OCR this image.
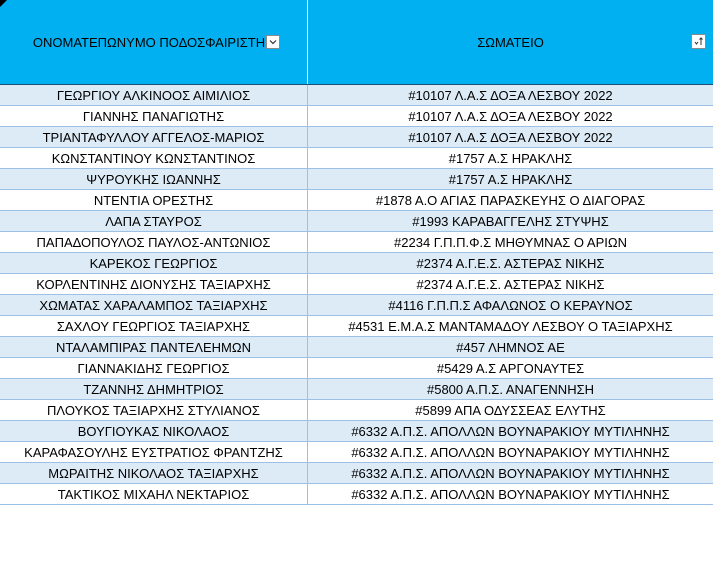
ΟΝΟΜΑΤΕΠΩΝΥΜΟ ΠΟΔΟΣΦΑΙΡΙΣΤΗ	ΣΩΜΑΤΕΙΟ
ΓΕΩΡΓΙΟΥ ΑΛΚΙΝΟΟΣ ΑΙΜΙΛΙΟΣ	#10107 Λ.Α.Σ ΔΟΞΑ ΛΕΣΒΟΥ 2022
ΓΙΑΝΝΗΣ ΠΑΝΑΓΙΩΤΗΣ	#10107 Λ.Α.Σ ΔΟΞΑ ΛΕΣΒΟΥ 2022
ΤΡΙΑΝΤΑΦΥΛΛΟΥ ΑΓΓΕΛΟΣ-ΜΑΡΙΟΣ	#10107 Λ.Α.Σ ΔΟΞΑ ΛΕΣΒΟΥ 2022
ΚΩΝΣΤΑΝΤΙΝΟΥ ΚΩΝΣΤΑΝΤΙΝΟΣ	#1757 Α.Σ ΗΡΑΚΛΗΣ
ΨΥΡΟΥΚΗΣ ΙΩΑΝΝΗΣ	#1757 Α.Σ ΗΡΑΚΛΗΣ
ΝΤΕΝΤΙΑ ΟΡΕΣΤΗΣ	#1878 Α.Ο ΑΓΙΑΣ ΠΑΡΑΣΚΕΥΗΣ Ο ΔΙΑΓΟΡΑΣ
ΛΑΠΑ ΣΤΑΥΡΟΣ	#1993 ΚΑΡΑΒΑΓΓΕΛΗΣ ΣΤΥΨΗΣ
ΠΑΠΑΔΟΠΟΥΛΟΣ ΠΑΥΛΟΣ-ΑΝΤΩΝΙΟΣ	#2234 Γ.Π.Π.Φ.Σ ΜΗΘΥΜΝΑΣ Ο ΑΡΙΩΝ
ΚΑΡΕΚΟΣ ΓΕΩΡΓΙΟΣ	#2374 Α.Γ.Ε.Σ. ΑΣΤΕΡΑΣ ΝΙΚΗΣ
ΚΟΡΛΕΝΤΙΝΗΣ ΔΙΟΝΥΣΗΣ ΤΑΞΙΑΡΧΗΣ	#2374 Α.Γ.Ε.Σ. ΑΣΤΕΡΑΣ ΝΙΚΗΣ
ΧΩΜΑΤΑΣ ΧΑΡΑΛΑΜΠΟΣ ΤΑΞΙΑΡΧΗΣ	#4116 Γ.Π.Π.Σ ΑΦΑΛΩΝΟΣ Ο ΚΕΡΑΥΝΟΣ
ΣΑΧΛΟΥ ΓΕΩΡΓΙΟΣ ΤΑΞΙΑΡΧΗΣ	#4531 Ε.Μ.Α.Σ ΜΑΝΤΑΜΑΔΟΥ ΛΕΣΒΟΥ Ο ΤΑΞΙΑΡΧΗΣ
ΝΤΑΛΑΜΠΙΡΑΣ ΠΑΝΤΕΛΕΗΜΩΝ	#457 ΛΗΜΝΟΣ ΑΕ
ΓΙΑΝΝΑΚΙΔΗΣ ΓΕΩΡΓΙΟΣ	#5429 Α.Σ ΑΡΓΟΝΑΥΤΕΣ
ΤΖΑΝΝΗΣ ΔΗΜΗΤΡΙΟΣ	#5800 Α.Π.Σ. ΑΝΑΓΕΝΝΗΣΗ
ΠΛΟΥΚΟΣ ΤΑΞΙΑΡΧΗΣ ΣΤΥΛΙΑΝΟΣ	#5899 ΑΠΑ ΟΔΥΣΣΕΑΣ ΕΛΥΤΗΣ
ΒΟΥΓΙΟΥΚΑΣ ΝΙΚΟΛΑΟΣ	#6332 Α.Π.Σ. ΑΠΟΛΛΩΝ ΒΟΥΝΑΡΑΚΙΟΥ ΜΥΤΙΛΗΝΗΣ
ΚΑΡΑΦΑΣΟΥΛΗΣ ΕΥΣΤΡΑΤΙΟΣ ΦΡΑΝΤΖΗΣ	#6332 Α.Π.Σ. ΑΠΟΛΛΩΝ ΒΟΥΝΑΡΑΚΙΟΥ ΜΥΤΙΛΗΝΗΣ
ΜΩΡΑΙΤΗΣ ΝΙΚΟΛΑΟΣ ΤΑΞΙΑΡΧΗΣ	#6332 Α.Π.Σ. ΑΠΟΛΛΩΝ ΒΟΥΝΑΡΑΚΙΟΥ ΜΥΤΙΛΗΝΗΣ
ΤΑΚΤΙΚΟΣ ΜΙΧΑΗΛ ΝΕΚΤΑΡΙΟΣ	#6332 Α.Π.Σ. ΑΠΟΛΛΩΝ ΒΟΥΝΑΡΑΚΙΟΥ ΜΥΤΙΛΗΝΗΣ
